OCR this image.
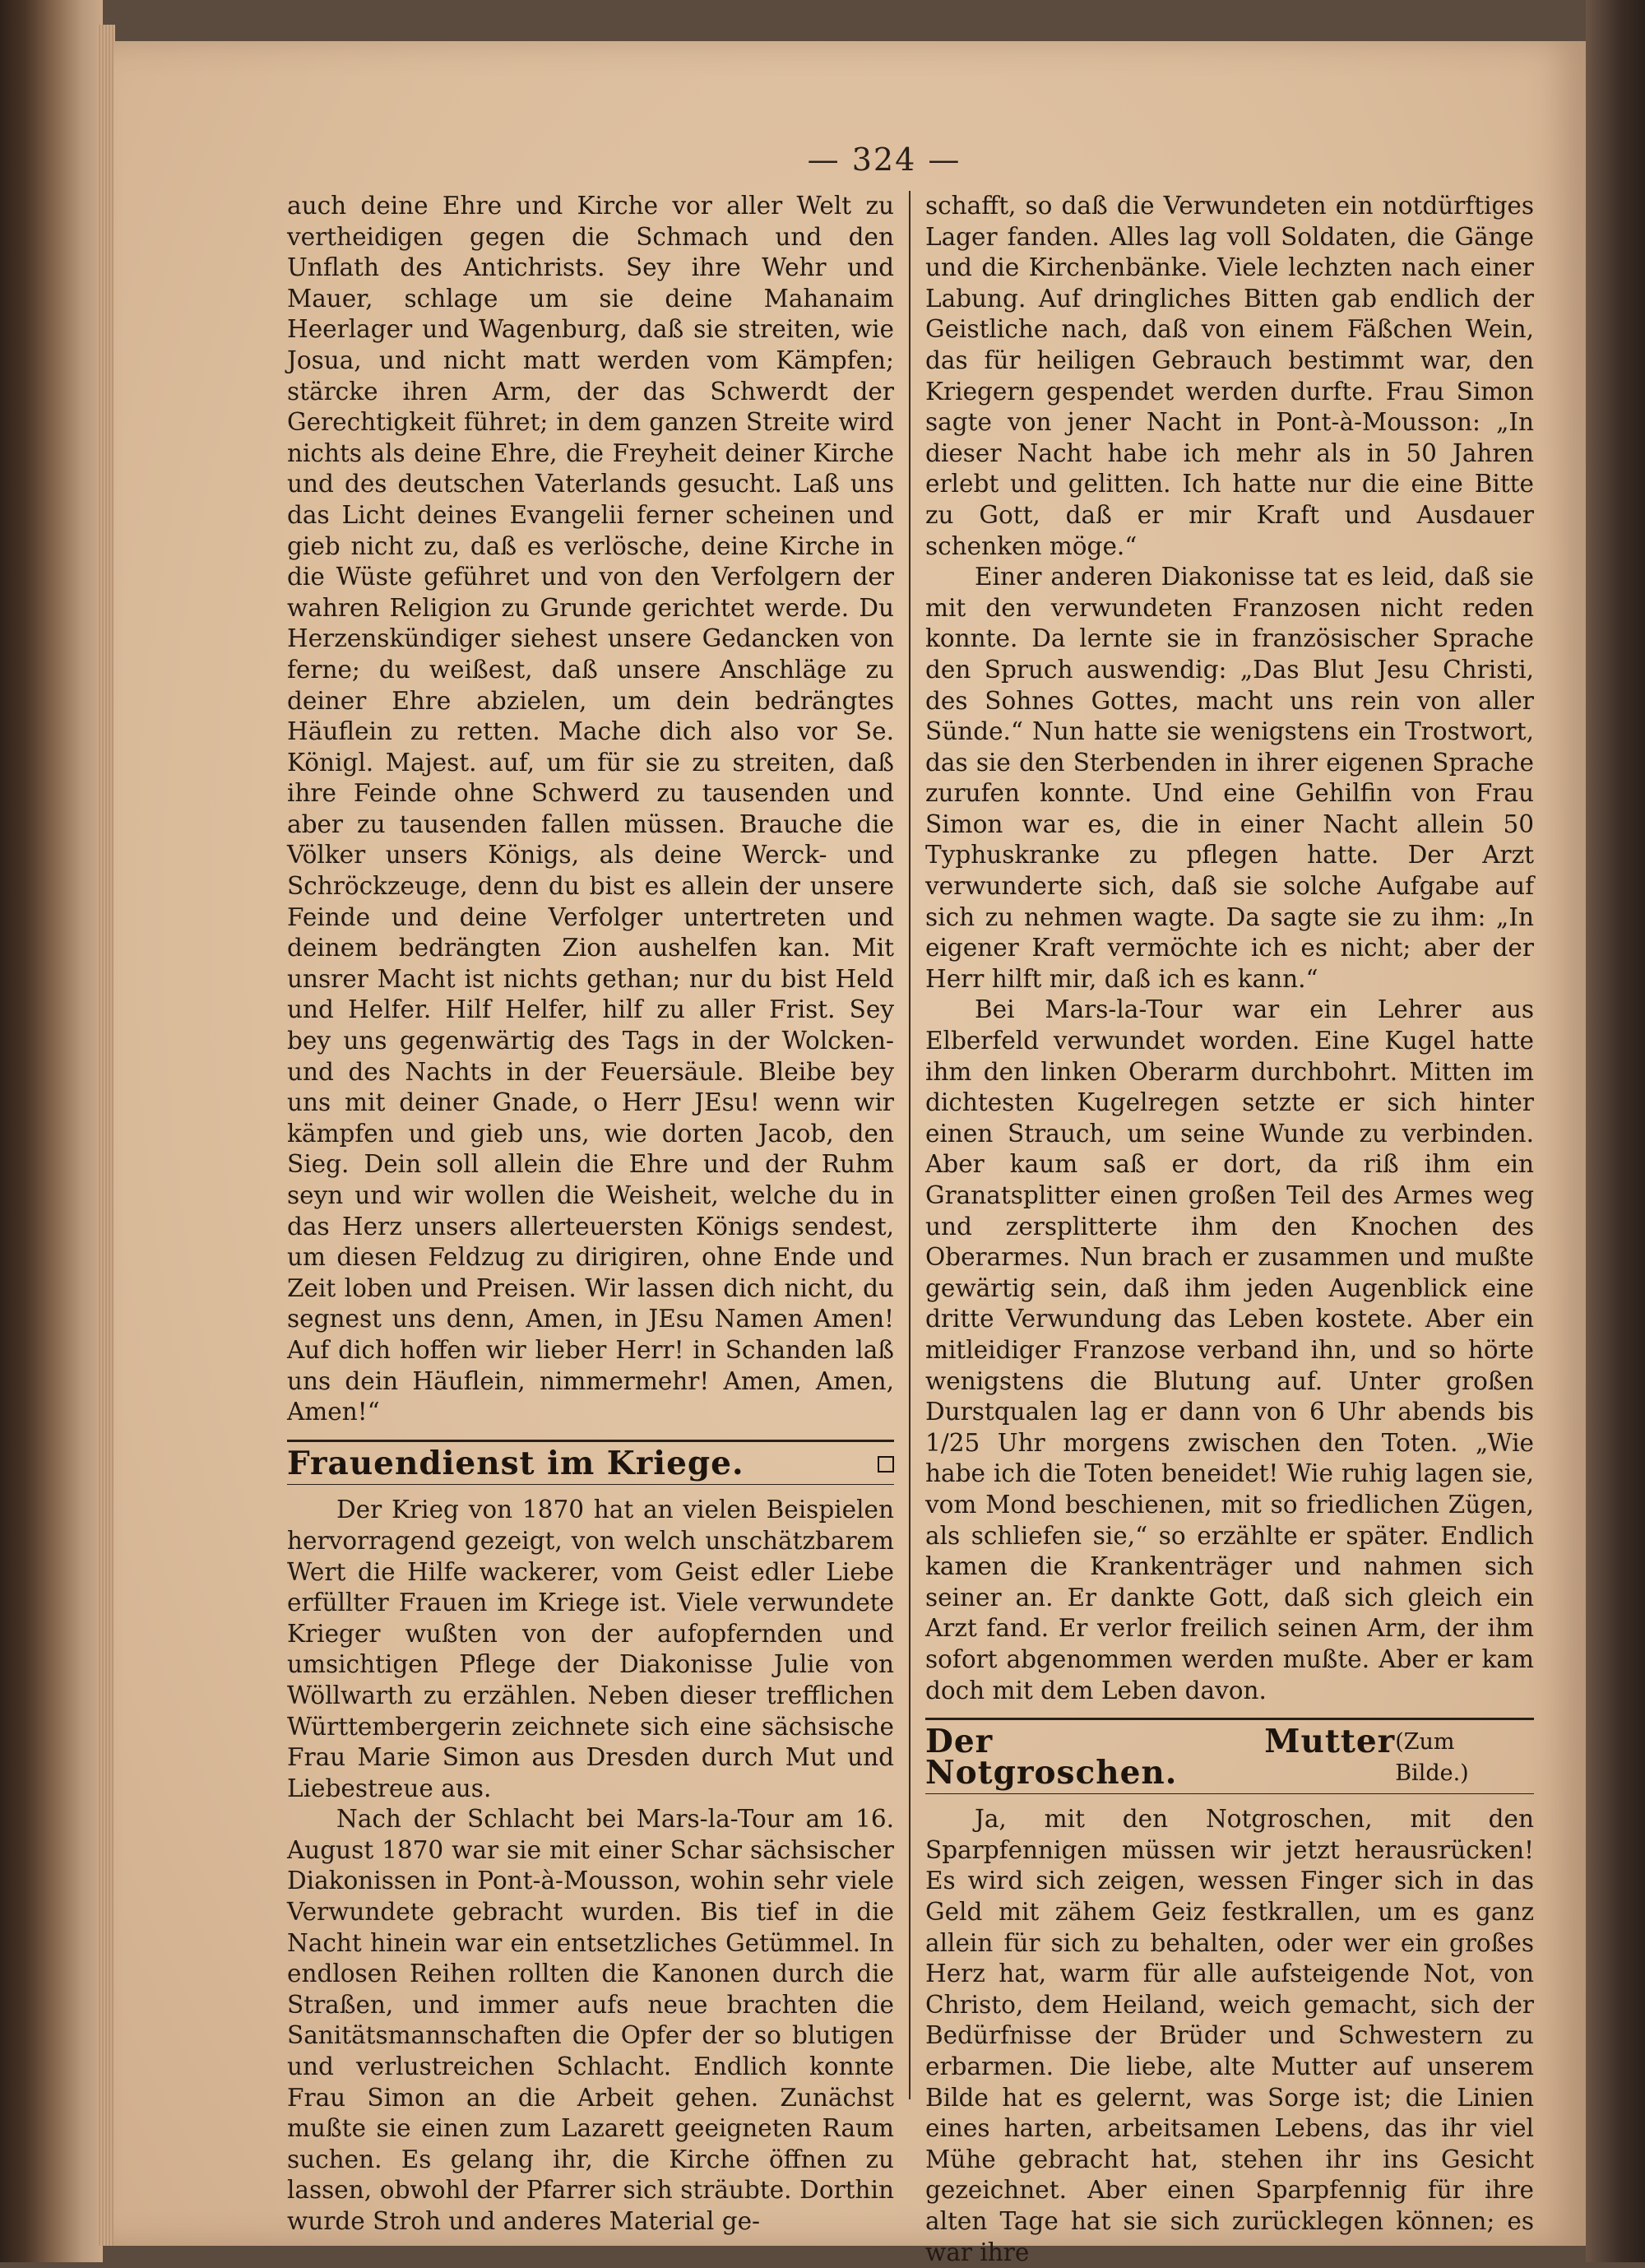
— 324 —

auch deine Ehre und Kirche vor aller Welt zu vertheidigen gegen die Schmach und den Unflath des Antichrists. Sey ihre Wehr und Mauer, schlage um sie deine Mahanaim Heerlager und Wagenburg, daß sie streiten, wie Josua, und nicht matt werden vom Kämpfen; stärcke ihren Arm, der das Schwerdt der Gerechtigkeit führet; in dem ganzen Streite wird nichts als deine Ehre, die Freyheit deiner Kirche und des deutschen Vaterlands gesucht. Laß uns das Licht deines Evangelii ferner scheinen und gieb nicht zu, daß es verlösche, deine Kirche in die Wüste geführet und von den Verfolgern der wahren Religion zu Grunde gerichtet werde. Du Herzenskündiger siehest unsere Gedancken von ferne; du weißest, daß unsere Anschläge zu deiner Ehre abzielen, um dein bedrängtes Häuflein zu retten. Mache dich also vor Se. Königl. Majest. auf, um für sie zu streiten, daß ihre Feinde ohne Schwerd zu tausenden und aber zu tausenden fallen müssen. Brauche die Völker unsers Königs, als deine Werck- und Schröckzeuge, denn du bist es allein der unsere Feinde und deine Verfolger untertreten und deinem bedrängten Zion aushelfen kan. Mit unsrer Macht ist nichts gethan; nur du bist Held und Helfer. Hilf Helfer, hilf zu aller Frist. Sey bey uns gegenwärtig des Tags in der Wolcken- und des Nachts in der Feuersäule. Bleibe bey uns mit deiner Gnade, o Herr JEsu! wenn wir kämpfen und gieb uns, wie dorten Jacob, den Sieg. Dein soll allein die Ehre und der Ruhm seyn und wir wollen die Weisheit, welche du in das Herz unsers allerteuersten Königs sendest, um diesen Feldzug zu dirigiren, ohne Ende und Zeit loben und Preisen. Wir lassen dich nicht, du segnest uns denn, Amen, in JEsu Namen Amen! Auf dich hoffen wir lieber Herr! in Schanden laß uns dein Häuflein, nimmermehr! Amen, Amen, Amen!“

Frauendienst im Kriege.

Der Krieg von 1870 hat an vielen Beispielen hervorragend gezeigt, von welch unschätzbarem Wert die Hilfe wackerer, vom Geist edler Liebe erfüllter Frauen im Kriege ist. Viele verwundete Krieger wußten von der aufopfernden und umsichtigen Pflege der Diakonisse Julie von Wöllwarth zu erzählen. Neben dieser trefflichen Württembergerin zeichnete sich eine sächsische Frau Marie Simon aus Dresden durch Mut und Liebestreue aus.

Nach der Schlacht bei Mars-la-Tour am 16. August 1870 war sie mit einer Schar sächsischer Diakonissen in Pont-à-Mousson, wohin sehr viele Verwundete gebracht wurden. Bis tief in die Nacht hinein war ein entsetzliches Getümmel. In endlosen Reihen rollten die Kanonen durch die Straßen, und immer aufs neue brachten die Sanitätsmannschaften die Opfer der so blutigen und verlustreichen Schlacht. Endlich konnte Frau Simon an die Arbeit gehen. Zunächst mußte sie einen zum Lazarett geeigneten Raum suchen. Es gelang ihr, die Kirche öffnen zu lassen, obwohl der Pfarrer sich sträubte. Dorthin wurde Stroh und anderes Material ge-

schafft, so daß die Verwundeten ein notdürftiges Lager fanden. Alles lag voll Soldaten, die Gänge und die Kirchenbänke. Viele lechzten nach einer Labung. Auf dringliches Bitten gab endlich der Geistliche nach, daß von einem Fäßchen Wein, das für heiligen Gebrauch bestimmt war, den Kriegern gespendet werden durfte. Frau Simon sagte von jener Nacht in Pont-à-Mousson: „In dieser Nacht habe ich mehr als in 50 Jahren erlebt und gelitten. Ich hatte nur die eine Bitte zu Gott, daß er mir Kraft und Ausdauer schenken möge.“

Einer anderen Diakonisse tat es leid, daß sie mit den verwundeten Franzosen nicht reden konnte. Da lernte sie in französischer Sprache den Spruch auswendig: „Das Blut Jesu Christi, des Sohnes Gottes, macht uns rein von aller Sünde.“ Nun hatte sie wenigstens ein Trostwort, das sie den Sterbenden in ihrer eigenen Sprache zurufen konnte. Und eine Gehilfin von Frau Simon war es, die in einer Nacht allein 50 Typhuskranke zu pflegen hatte. Der Arzt verwunderte sich, daß sie solche Aufgabe auf sich zu nehmen wagte. Da sagte sie zu ihm: „In eigener Kraft vermöchte ich es nicht; aber der Herr hilft mir, daß ich es kann.“

Bei Mars-la-Tour war ein Lehrer aus Elberfeld verwundet worden. Eine Kugel hatte ihm den linken Oberarm durchbohrt. Mitten im dichtesten Kugelregen setzte er sich hinter einen Strauch, um seine Wunde zu verbinden. Aber kaum saß er dort, da riß ihm ein Granatsplitter einen großen Teil des Armes weg und zersplitterte ihm den Knochen des Oberarmes. Nun brach er zusammen und mußte gewärtig sein, daß ihm jeden Augenblick eine dritte Verwundung das Leben kostete. Aber ein mitleidiger Franzose verband ihn, und so hörte wenigstens die Blutung auf. Unter großen Durstqualen lag er dann von 6 Uhr abends bis 1/25 Uhr morgens zwischen den Toten. „Wie habe ich die Toten beneidet! Wie ruhig lagen sie, vom Mond beschienen, mit so friedlichen Zügen, als schliefen sie,“ so erzählte er später. Endlich kamen die Krankenträger und nahmen sich seiner an. Er dankte Gott, daß sich gleich ein Arzt fand. Er verlor freilich seinen Arm, der ihm sofort abgenommen werden mußte. Aber er kam doch mit dem Leben davon.

Der Mutter Notgroschen.
(Zum Bilde.)

Ja, mit den Notgroschen, mit den Sparpfennigen müssen wir jetzt herausrücken! Es wird sich zeigen, wessen Finger sich in das Geld mit zähem Geiz festkrallen, um es ganz allein für sich zu behalten, oder wer ein großes Herz hat, warm für alle aufsteigende Not, von Christo, dem Heiland, weich gemacht, sich der Bedürfnisse der Brüder und Schwestern zu erbarmen. Die liebe, alte Mutter auf unserem Bilde hat es gelernt, was Sorge ist; die Linien eines harten, arbeitsamen Lebens, das ihr viel Mühe gebracht hat, stehen ihr ins Gesicht gezeichnet. Aber einen Sparpfennig für ihre alten Tage hat sie sich zurücklegen können; es war ihre
